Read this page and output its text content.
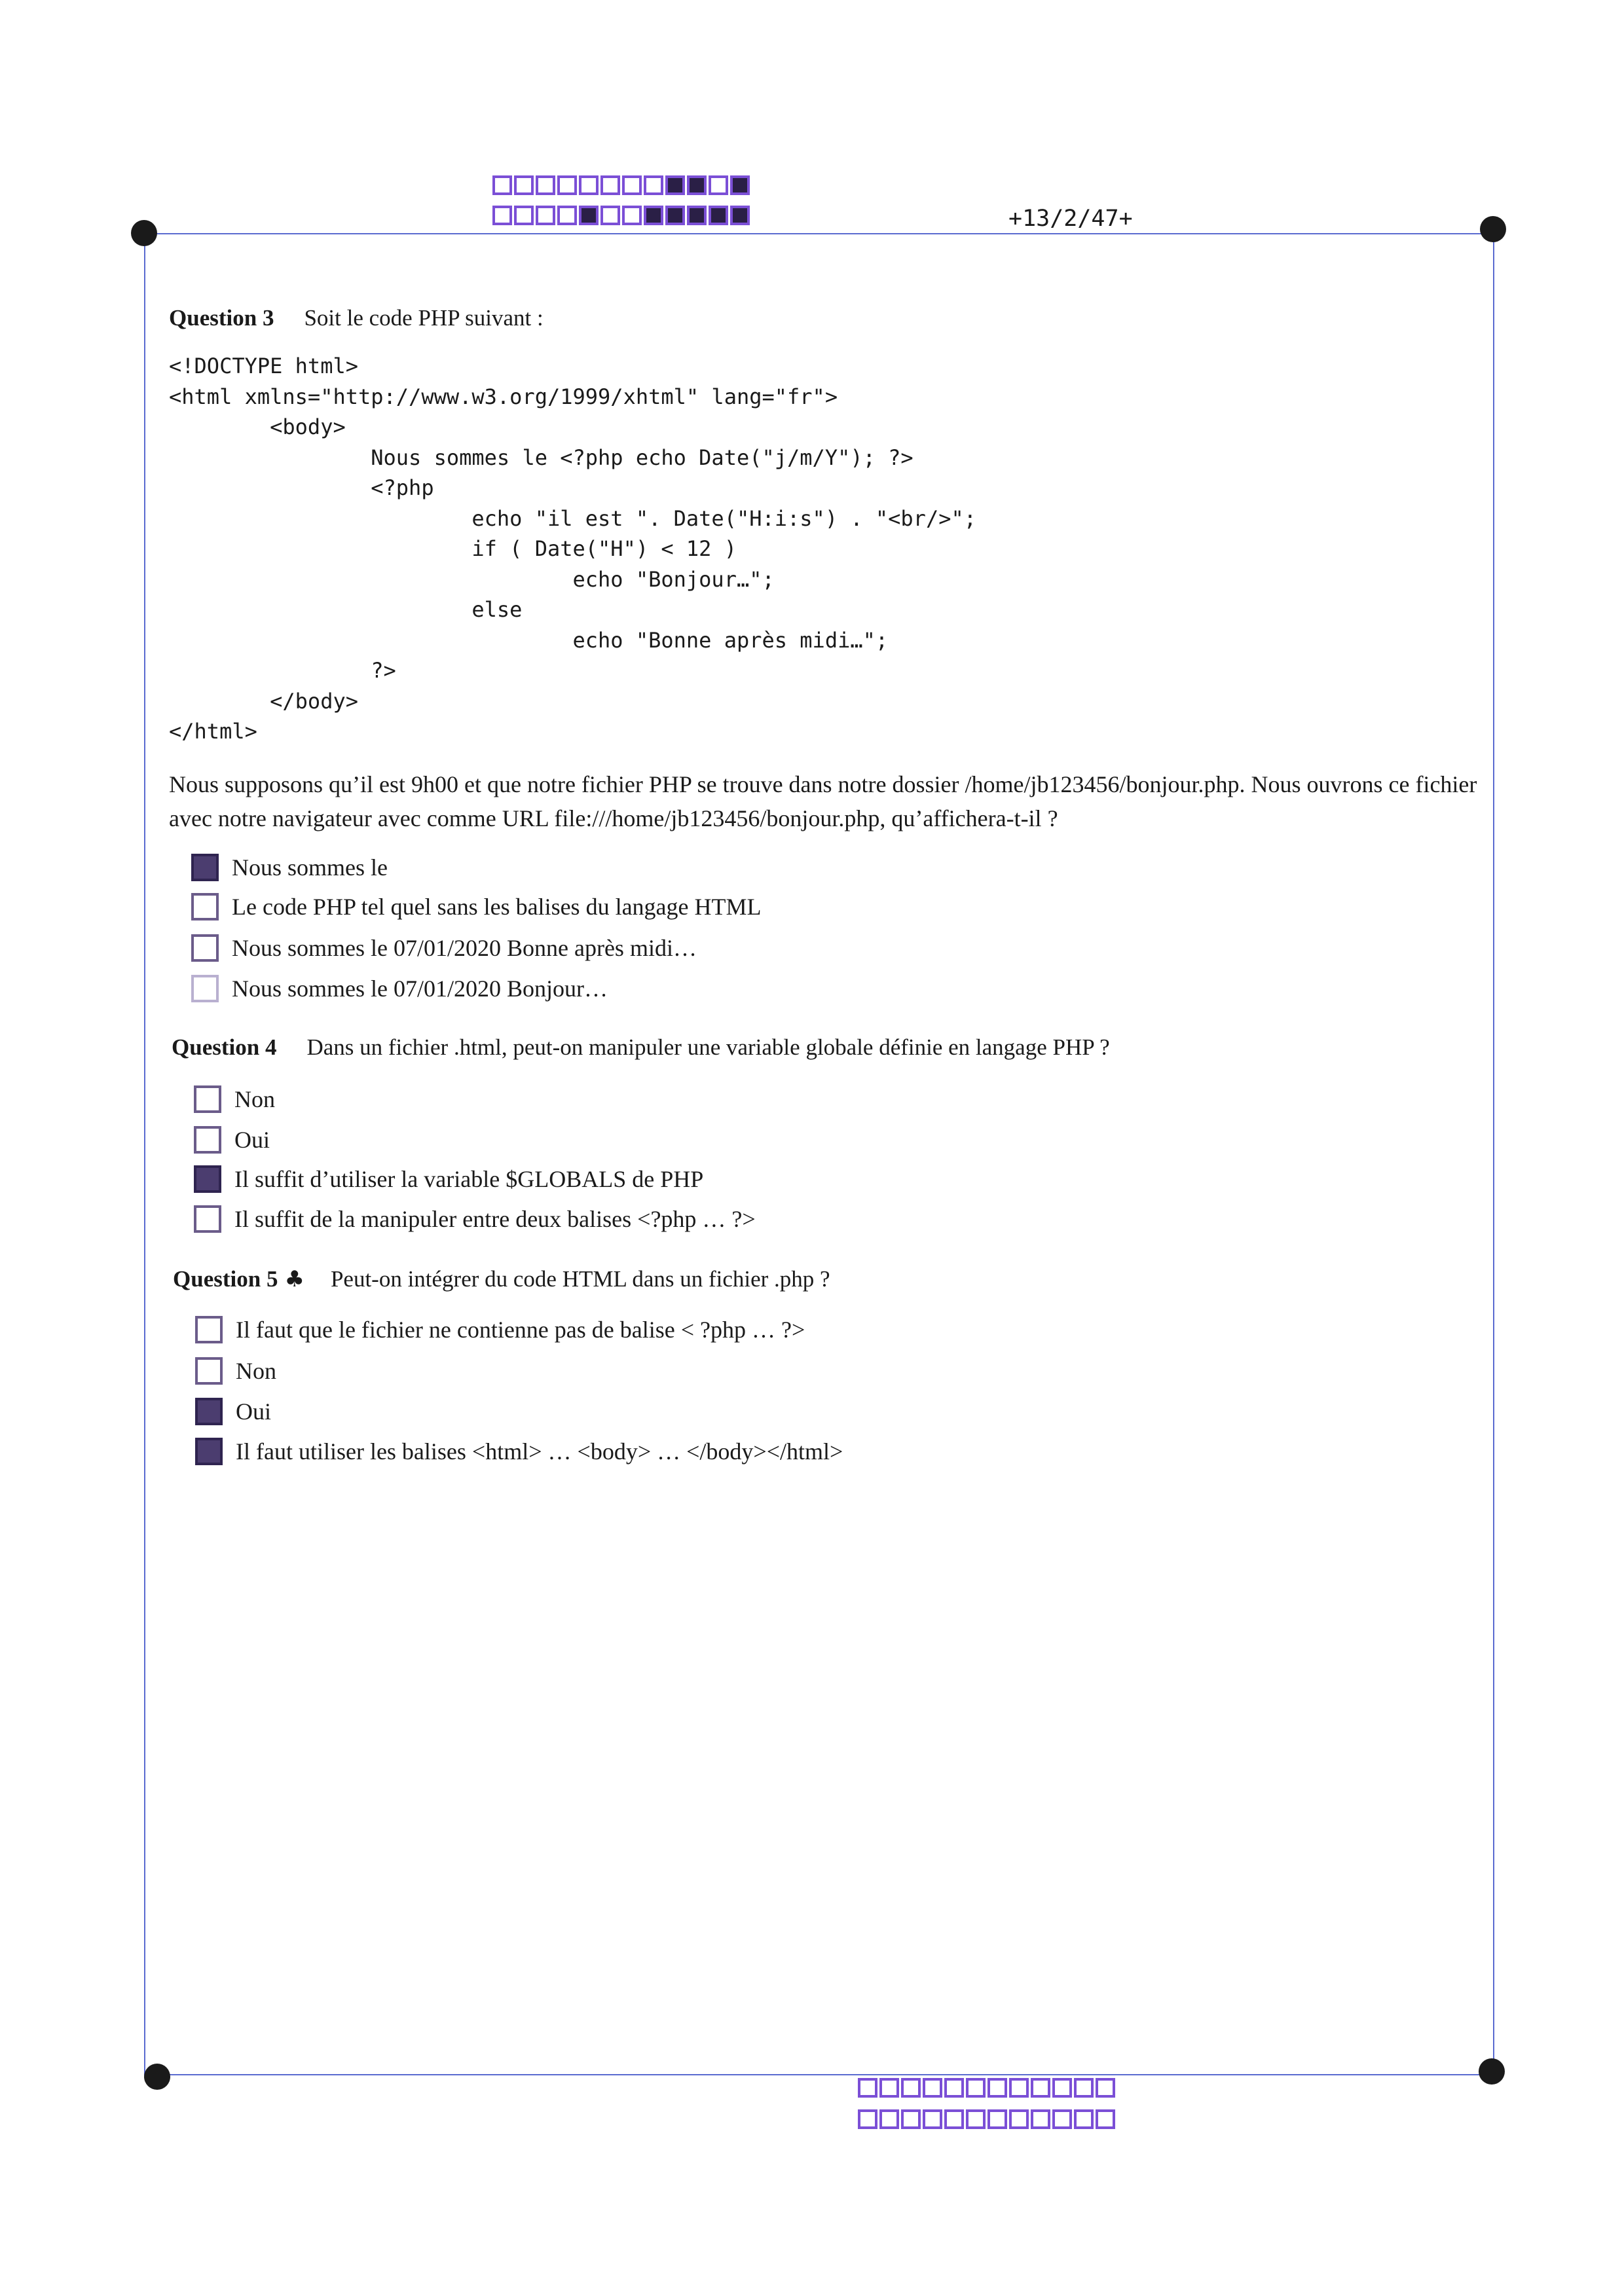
+13/2/47+
Question 3 Soit le code PHP suivant :
<!DOCTYPE html>
<html xmlns="http://www.w3.org/1999/xhtml" lang="fr">
<body>
Nous sommes le <?php echo Date("j/m/Y"); ?>
<?php
echo "il est ". Date("H:i:s") . "<br/>";
if ( Date("H") < 12 )
echo "Bonjour…";
else
echo "Bonne après midi…";
?>
</body>
</html>
Nous supposons qu’il est 9h00 et que notre fichier PHP se trouve dans notre dossier /home/jb123456/bonjour.php. Nous ouvrons ce fichier avec notre navigateur avec comme URL file:///home/jb123456/bonjour.php, qu’affichera-t-il ?
Nous sommes le
Le code PHP tel quel sans les balises du langage HTML
Nous sommes le 07/01/2020 Bonne après midi…
Nous sommes le 07/01/2020 Bonjour…
Question 4 Dans un fichier .html, peut-on manipuler une variable globale définie en langage PHP ?
Non
Oui
Il suffit d’utiliser la variable $GLOBALS de PHP
Il suffit de la manipuler entre deux balises <?php … ?>
Question 5 ♣ Peut-on intégrer du code HTML dans un fichier .php ?
Il faut que le fichier ne contienne pas de balise < ?php … ?>
Non
Oui
Il faut utiliser les balises <html> … <body> … </body></html>
